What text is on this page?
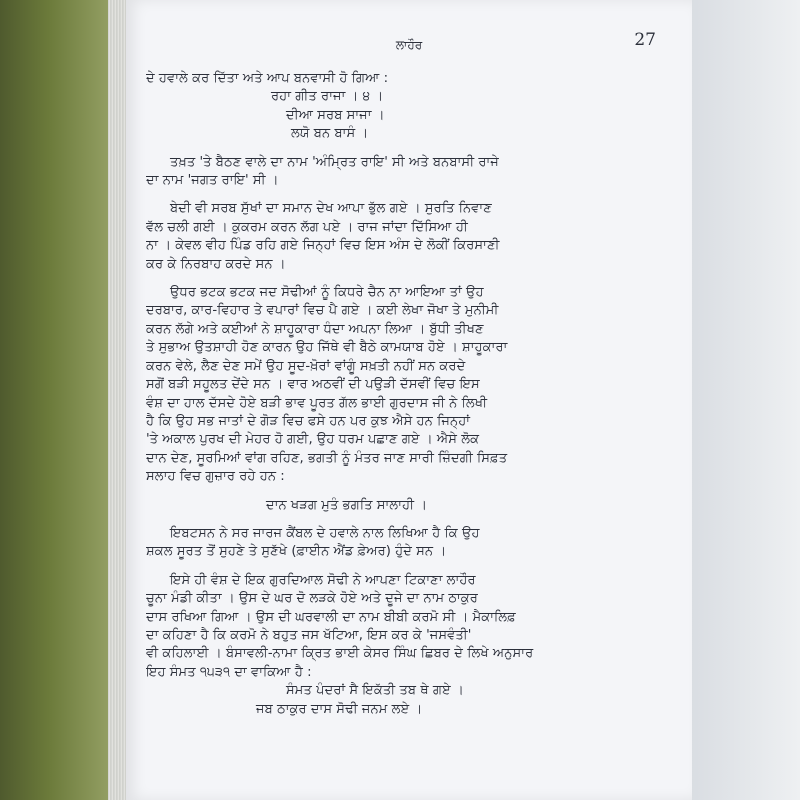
ਲਾਹੌਰ	27
ਦੇ ਹਵਾਲੇ ਕਰ ਦਿੱਤਾ ਅਤੇ ਆਪ ਬਨਵਾਸੀ ਹੋ ਗਿਆ :
ਰਹਾ ਗੀਤ ਰਾਜਾ । ੪ ।
ਦੀਆ ਸਰਬ ਸਾਜਾ ।
ਲਯੋ ਬਨ ਬਾਸੰ ।
ਤਖ਼ਤ 'ਤੇ ਬੈਠਣ ਵਾਲੇ ਦਾ ਨਾਮ 'ਅੰਮ੍ਰਿਤ ਰਾਇ' ਸੀ ਅਤੇ ਬਨਬਾਸੀ ਰਾਜੇ
ਦਾ ਨਾਮ 'ਜਗਤ ਰਾਇ' ਸੀ ।
ਬੇਦੀ ਵੀ ਸਰਬ ਸੁੱਖਾਂ ਦਾ ਸਮਾਨ ਦੇਖ ਆਪਾ ਭੁੱਲ ਗਏ । ਸੁਰਤਿ ਨਿਵਾਣ
ਵੱਲ ਚਲੀ ਗਈ । ਕੁਕਰਮ ਕਰਨ ਲੱਗ ਪਏ । ਰਾਜ ਜਾਂਦਾ ਦਿੱਸਿਆ ਹੀ
ਨਾ । ਕੇਵਲ ਵੀਹ ਪਿੰਡ ਰਹਿ ਗਏ ਜਿਨ੍ਹਾਂ ਵਿਚ ਇਸ ਅੰਸ ਦੇ ਲੋਕੀਂ ਕਿਰਸਾਣੀ
ਕਰ ਕੇ ਨਿਰਬਾਹ ਕਰਦੇ ਸਨ ।
ਉਧਰ ਭਟਕ ਭਟਕ ਜਦ ਸੋਢੀਆਂ ਨੂੰ ਕਿਧਰੇ ਚੈਨ ਨਾ ਆਇਆ ਤਾਂ ਉਹ
ਦਰਬਾਰ, ਕਾਰ-ਵਿਹਾਰ ਤੇ ਵਪਾਰਾਂ ਵਿਚ ਪੈ ਗਏ । ਕਈ ਲੇਖਾ ਜੋਖਾ ਤੇ ਮੁਨੀਮੀ
ਕਰਨ ਲੱਗੇ ਅਤੇ ਕਈਆਂ ਨੇ ਸ਼ਾਹੂਕਾਰਾ ਧੰਦਾ ਅਪਨਾ ਲਿਆ । ਬੁੱਧੀ ਤੀਖਣ
ਤੇ ਸੁਭਾਅ ਉਤਸ਼ਾਹੀ ਹੋਣ ਕਾਰਨ ਉਹ ਜਿੱਥੇ ਵੀ ਬੈਠੇ ਕਾਮਯਾਬ ਹੋਏ । ਸ਼ਾਹੂਕਾਰਾ
ਕਰਨ ਵੇਲੇ, ਲੈਣ ਦੇਣ ਸਮੇਂ ਉਹ ਸੂਦ-ਖ਼ੋਰਾਂ ਵਾਂਗੂੰ ਸਖ਼ਤੀ ਨਹੀਂ ਸਨ ਕਰਦੇ
ਸਗੋਂ ਬੜੀ ਸਹੂਲਤ ਦੇਂਦੇ ਸਨ । ਵਾਰ ਅਠਵੀਂ ਦੀ ਪਉੜੀ ਦੱਸਵੀਂ ਵਿਚ ਇਸ
ਵੰਸ਼ ਦਾ ਹਾਲ ਦੱਸਦੇ ਹੋਏ ਬੜੀ ਭਾਵ ਪੂਰਤ ਗੱਲ ਭਾਈ ਗੁਰਦਾਸ ਜੀ ਨੇ ਲਿਖੀ
ਹੈ ਕਿ ਉਹ ਸਭ ਜਾਤਾਂ ਦੇ ਗੋੜ ਵਿਚ ਫਸੇ ਹਨ ਪਰ ਕੁਝ ਐਸੇ ਹਨ ਜਿਨ੍ਹਾਂ
'ਤੇ ਅਕਾਲ ਪੁਰਖ ਦੀ ਮੇਹਰ ਹੋ ਗਈ, ਉਹ ਧਰਮ ਪਛਾਣ ਗਏ । ਐਸੇ ਲੋਕ
ਦਾਨ ਦੇਣ, ਸੂਰਮਿਆਂ ਵਾਂਗ ਰਹਿਣ, ਭਗਤੀ ਨੂੰ ਮੰਤਰ ਜਾਣ ਸਾਰੀ ਜ਼ਿੰਦਗੀ ਸਿਫ਼ਤ
ਸਲਾਹ ਵਿਚ ਗੁਜ਼ਾਰ ਰਹੇ ਹਨ :
ਦਾਨ ਖੜਗ ਮੁਤੰ ਭਗਤਿ ਸਾਲਾਹੀ ।
ਇਬਟਸਨ ਨੇ ਸਰ ਜਾਰਜ ਕੈਂਬਲ ਦੇ ਹਵਾਲੇ ਨਾਲ ਲਿਖਿਆ ਹੈ ਕਿ ਉਹ
ਸ਼ਕਲ ਸੂਰਤ ਤੋਂ ਸੁਹਣੇ ਤੇ ਸੁਣੱਖੇ (ਫ਼ਾਈਨ ਐਂਡ ਫ਼ੇਅਰ) ਹੁੰਦੇ ਸਨ ।
ਇਸੇ ਹੀ ਵੰਸ਼ ਦੇ ਇਕ ਗੁਰਦਿਆਲ ਸੋਢੀ ਨੇ ਆਪਣਾ ਟਿਕਾਣਾ ਲਾਹੌਰ
ਚੂਨਾ ਮੰਡੀ ਕੀਤਾ । ਉਸ ਦੇ ਘਰ ਦੋ ਲੜਕੇ ਹੋਏ ਅਤੇ ਦੂਜੇ ਦਾ ਨਾਮ ਠਾਕੁਰ
ਦਾਸ ਰਖਿਆ ਗਿਆ । ਉਸ ਦੀ ਘਰਵਾਲੀ ਦਾ ਨਾਮ ਬੀਬੀ ਕਰਮੋ ਸੀ । ਮੈਕਾਲਿਫ਼
ਦਾ ਕਹਿਣਾ ਹੈ ਕਿ ਕਰਮੋ ਨੇ ਬਹੁਤ ਜਸ ਖੱਟਿਆ, ਇਸ ਕਰ ਕੇ 'ਜਸਵੰਤੀ'
ਵੀ ਕਹਿਲਾਈ । ਬੰਸਾਵਲੀ-ਨਾਮਾ ਕ੍ਰਿਤ ਭਾਈ ਕੇਸਰ ਸਿੰਘ ਛਿਬਰ ਦੇ ਲਿਖੇ ਅਨੁਸਾਰ
ਇਹ ਸੰਮਤ ੧੫੩੧ ਦਾ ਵਾਕਿਆ ਹੈ :
ਸੰਮਤ ਪੰਦਰਾਂ ਸੈ ਇਕੱਤੀ ਤਬ ਥੇ ਗਏ ।
ਜਬ ਠਾਕੁਰ ਦਾਸ ਸੋਢੀ ਜਨਮ ਲਏ ।
